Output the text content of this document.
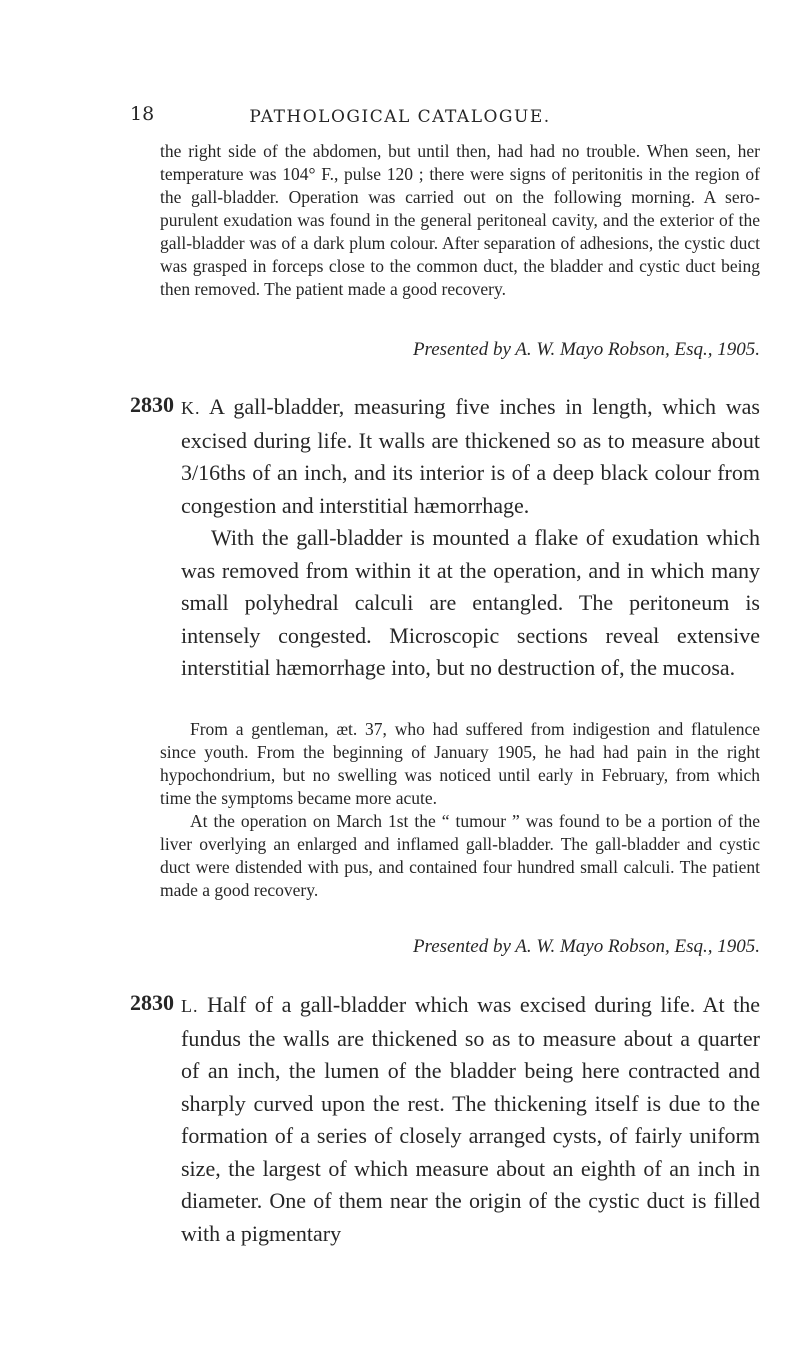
18	PATHOLOGICAL CATALOGUE.

the right side of the abdomen, but until then, had had no trouble. When seen, her temperature was 104° F., pulse 120 ; there were signs of peritonitis in the region of the gall-bladder. Operation was carried out on the following morning. A sero-purulent exudation was found in the general peritoneal cavity, and the exterior of the gall-bladder was of a dark plum colour. After separation of adhesions, the cystic duct was grasped in forceps close to the common duct, the bladder and cystic duct being then removed. The patient made a good recovery.

Presented by A. W. Mayo Robson, Esq., 1905.
2830 K. A gall-bladder, measuring five inches in length, which was excised during life. It walls are thickened so as to measure about 3/16ths of an inch, and its interior is of a deep black colour from congestion and interstitial hæmorrhage.

With the gall-bladder is mounted a flake of exudation which was removed from within it at the operation, and in which many small polyhedral calculi are entangled. The peritoneum is intensely congested. Microscopic sections reveal extensive interstitial hæmorrhage into, but no destruction of, the mucosa.

From a gentleman, æt. 37, who had suffered from indigestion and flatulence since youth. From the beginning of January 1905, he had had pain in the right hypochondrium, but no swelling was noticed until early in February, from which time the symptoms became more acute.

At the operation on March 1st the “ tumour ” was found to be a portion of the liver overlying an enlarged and inflamed gall-bladder. The gall-bladder and cystic duct were distended with pus, and contained four hundred small calculi. The patient made a good recovery.

Presented by A. W. Mayo Robson, Esq., 1905.
2830 L. Half of a gall-bladder which was excised during life. At the fundus the walls are thickened so as to measure about a quarter of an inch, the lumen of the bladder being here contracted and sharply curved upon the rest. The thickening itself is due to the formation of a series of closely arranged cysts, of fairly uniform size, the largest of which measure about an eighth of an inch in diameter. One of them near the origin of the cystic duct is filled with a pigmentary
